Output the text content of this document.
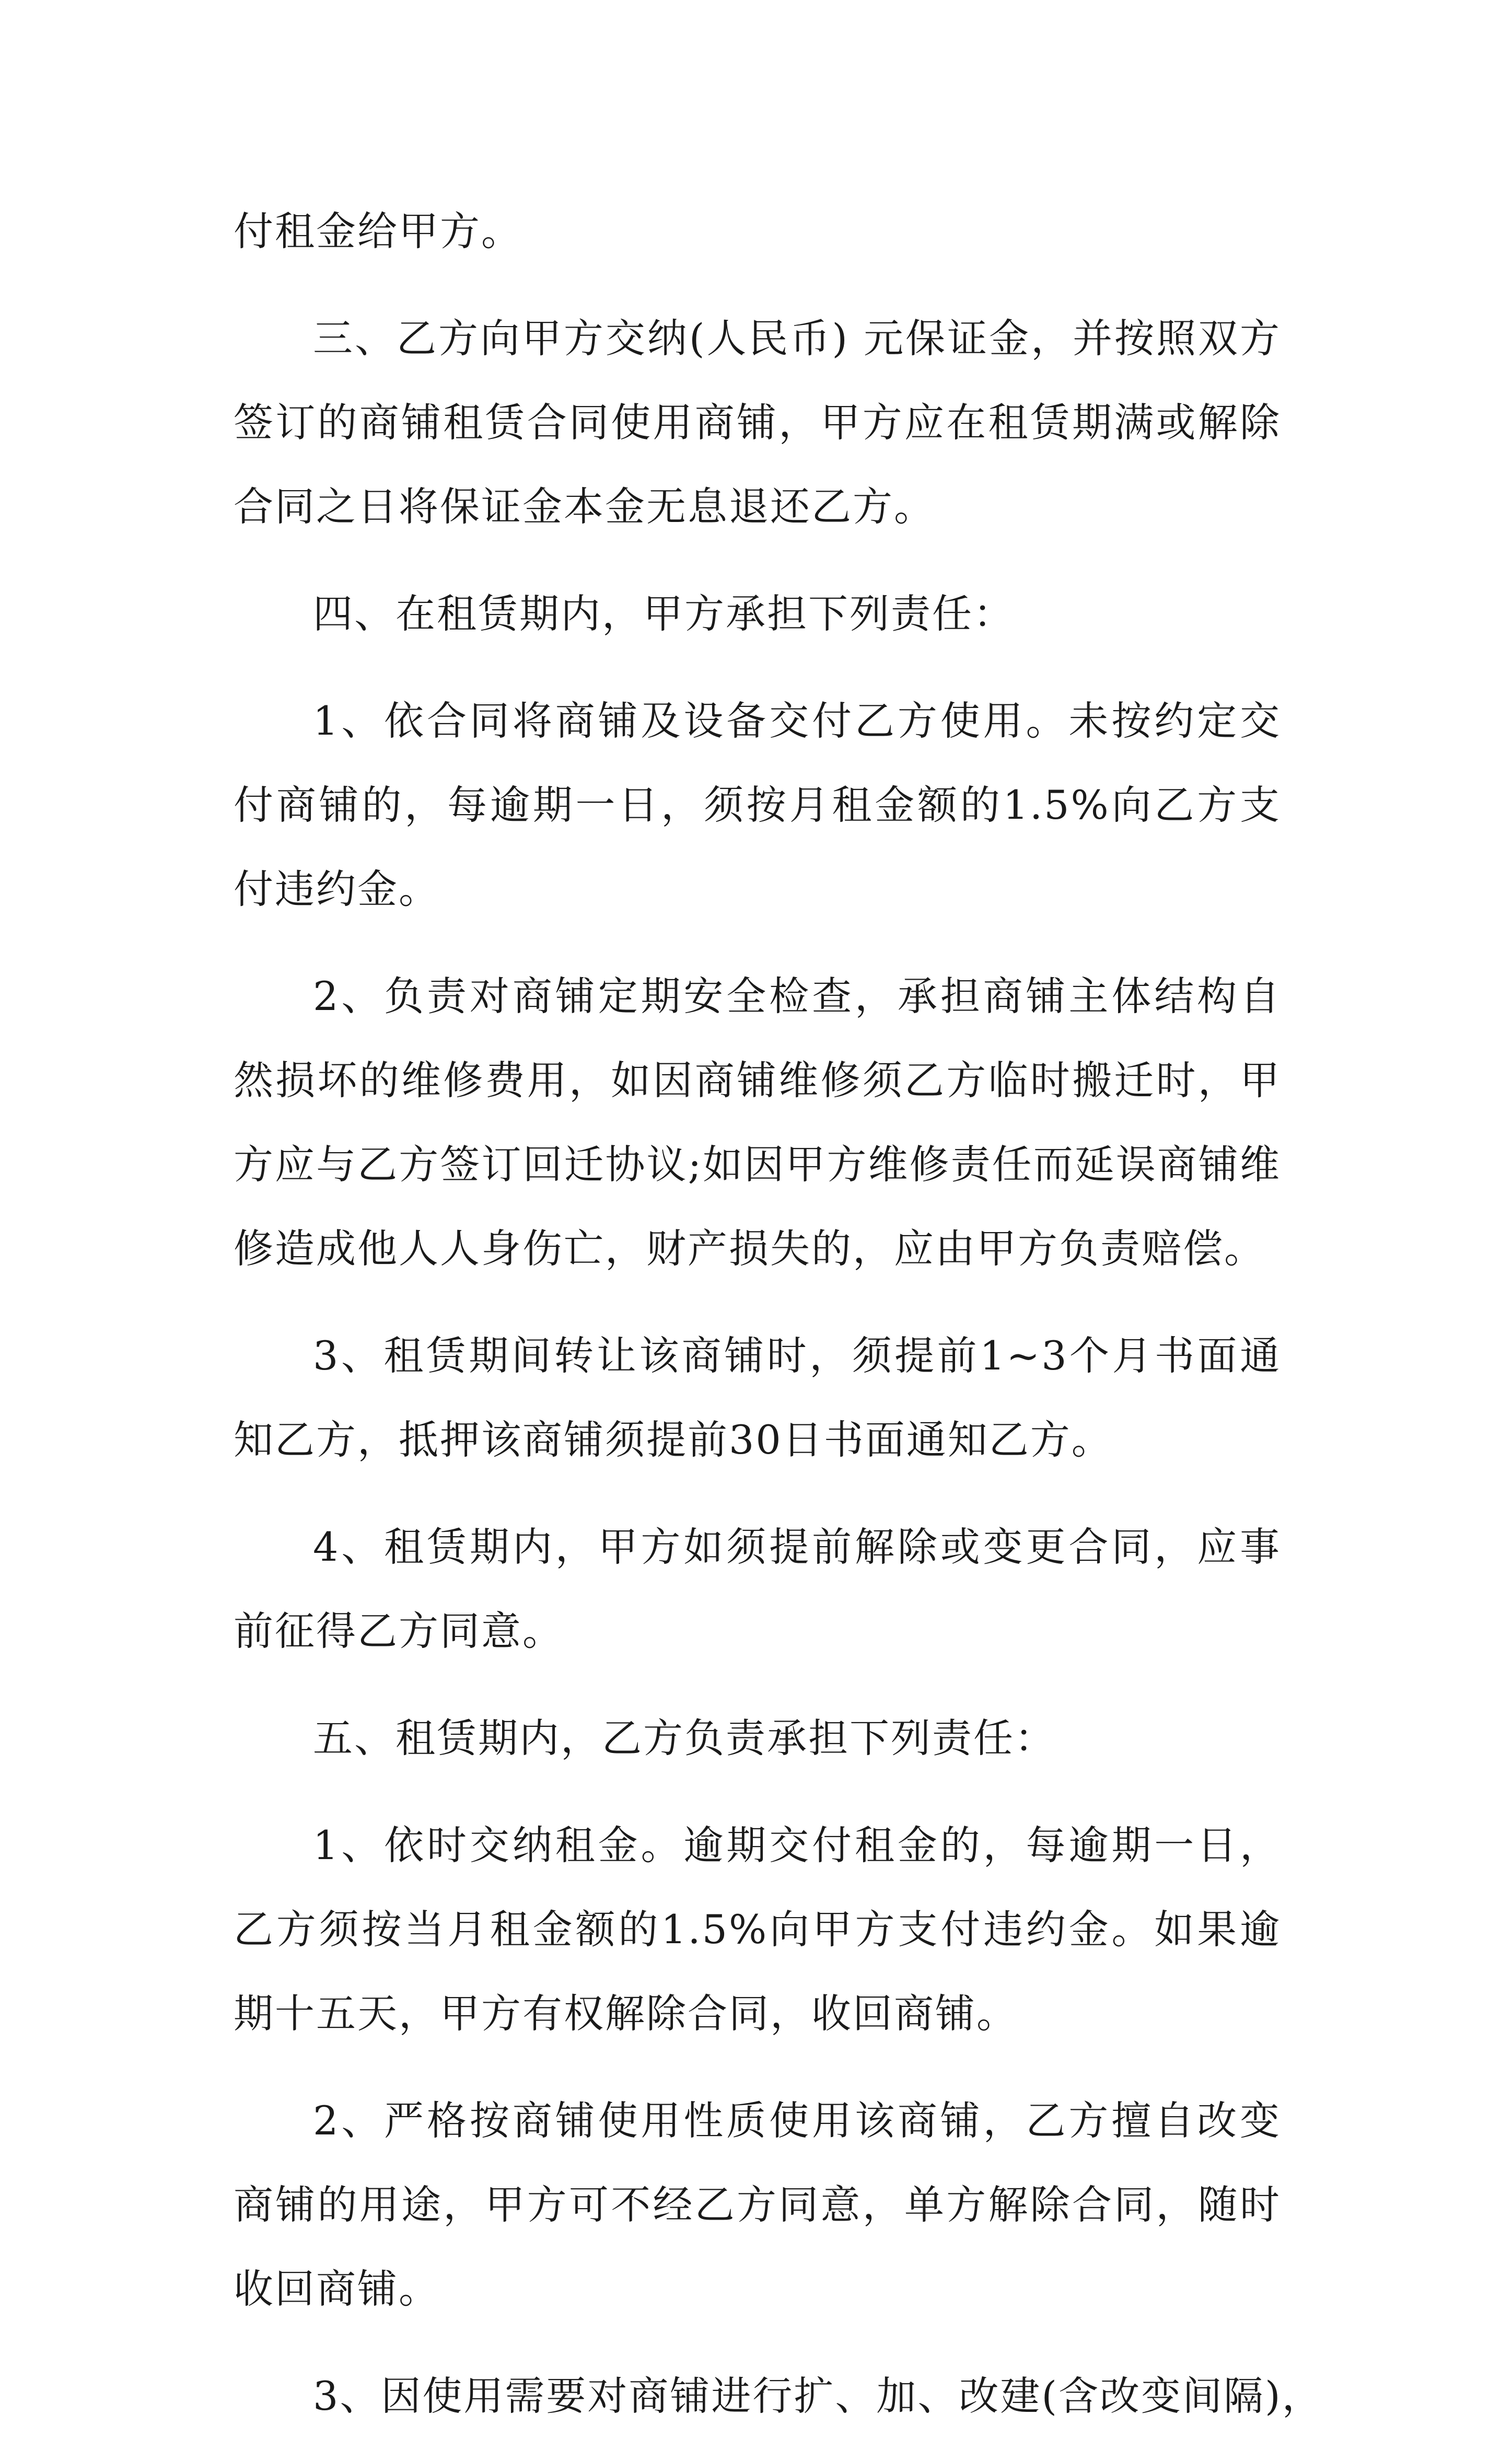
付租金给甲方。

三、乙方向甲方交纳(人民币) 元保证金，并按照双方签订的商铺租赁合同使用商铺，甲方应在租赁期满或解除合同之日将保证金本金无息退还乙方。

四、在租赁期内，甲方承担下列责任：

1、依合同将商铺及设备交付乙方使用。未按约定交付商铺的，每逾期一日，须按月租金额的1.5%向乙方支付违约金。

2、负责对商铺定期安全检查，承担商铺主体结构自然损坏的维修费用，如因商铺维修须乙方临时搬迁时，甲方应与乙方签订回迁协议;如因甲方维修责任而延误商铺维修造成他人人身伤亡，财产损失的，应由甲方负责赔偿。

3、租赁期间转让该商铺时，须提前1~3个月书面通知乙方，抵押该商铺须提前30日书面通知乙方。

4、租赁期内，甲方如须提前解除或变更合同，应事前征得乙方同意。

五、租赁期内，乙方负责承担下列责任：

1、依时交纳租金。逾期交付租金的，每逾期一日，乙方须按当月租金额的1.5%向甲方支付违约金。如果逾期十五天，甲方有权解除合同，收回商铺。

2、严格按商铺使用性质使用该商铺，乙方擅自改变商铺的用途，甲方可不经乙方同意，单方解除合同，随时收回商铺。

3、因使用需要对商铺进行扩、加、改建(含改变间隔)，
